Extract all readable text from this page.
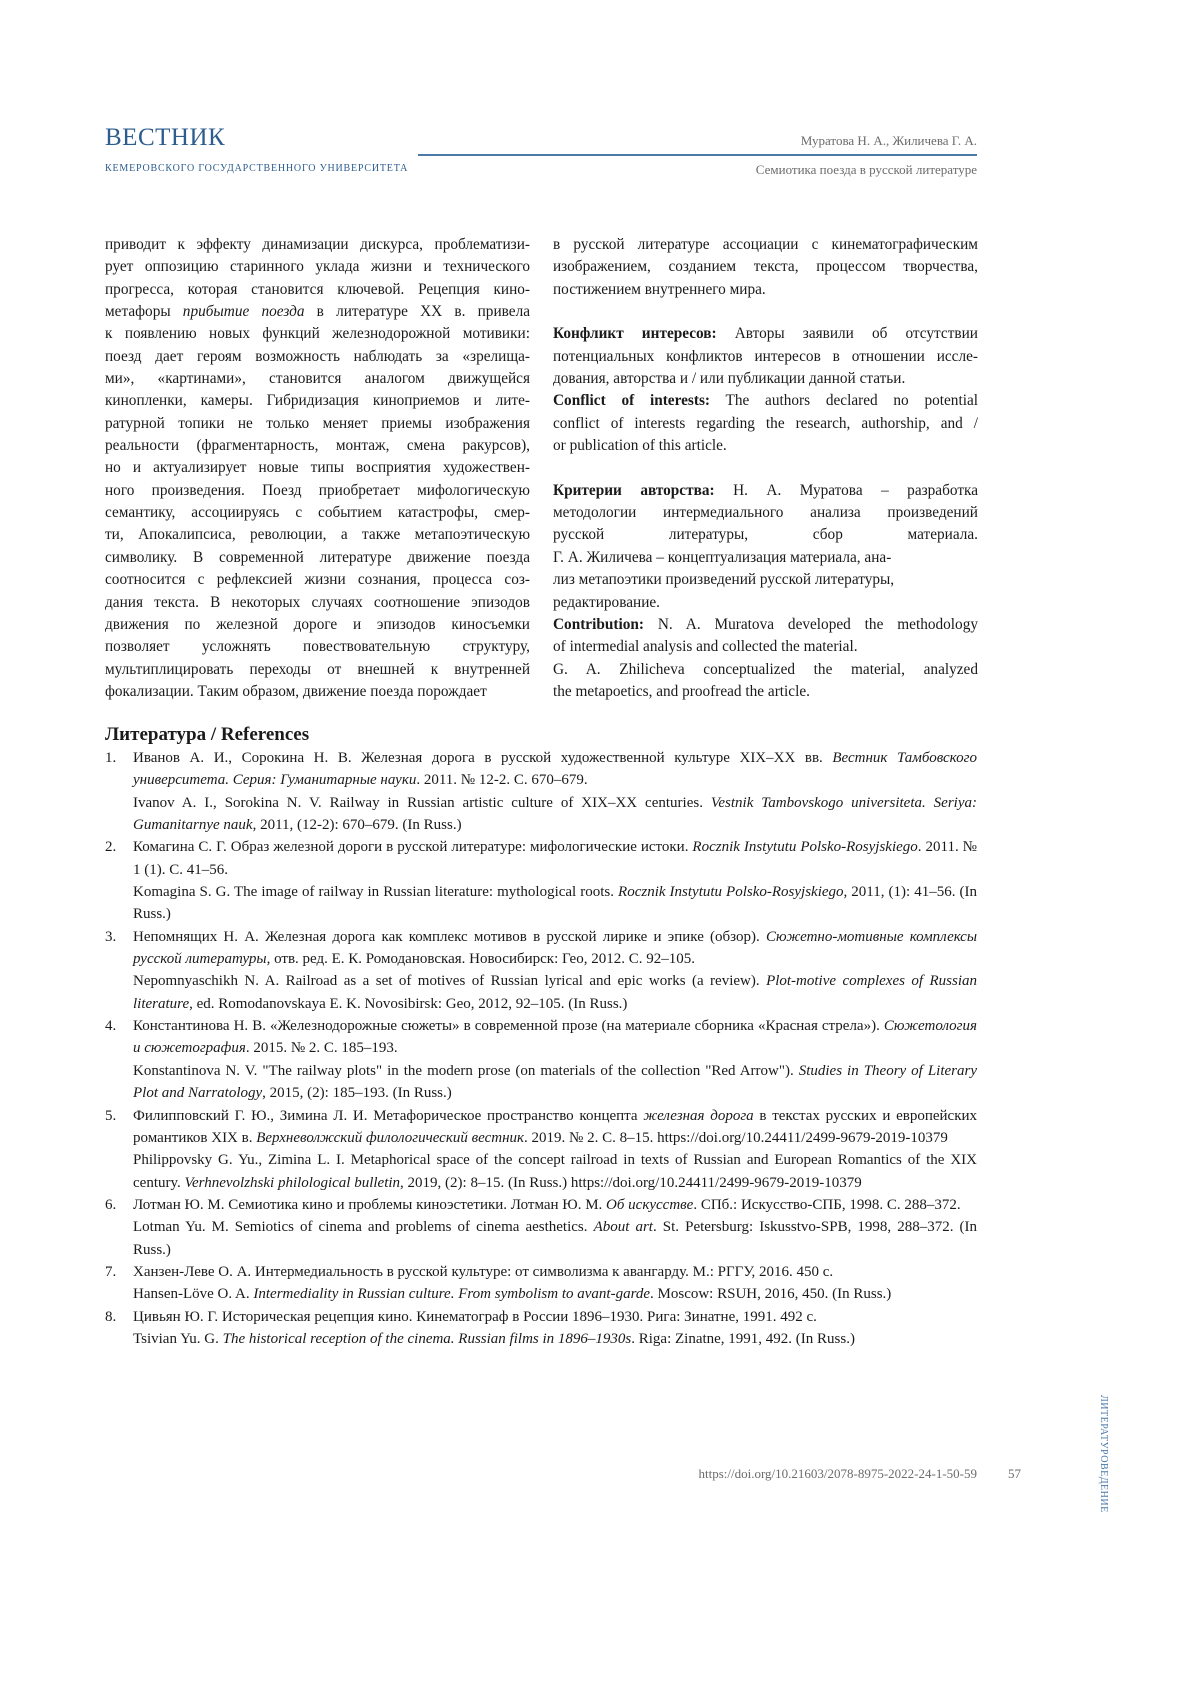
ВЕСТНИК
КЕМЕРОВСКОГО ГОСУДАРСТВЕННОГО УНИВЕРСИТЕТА
Муратова Н. А., Жиличева Г. А.
Семиотика поезда в русской литературе
приводит к эффекту динамизации дискурса, проблематизи-
рует оппозицию старинного уклада жизни и технического
прогресса, которая становится ключевой. Рецепция кино-
метафоры прибытие поезда в литературе XX в. привела
к появлению новых функций железнодорожной мотивики:
поезд дает героям возможность наблюдать за «зрелища-
ми», «картинами», становится аналогом движущейся
кинопленки, камеры. Гибридизация киноприемов и лите-
ратурной топики не только меняет приемы изображения
реальности (фрагментарность, монтаж, смена ракурсов),
но и актуализирует новые типы восприятия художествен-
ного произведения. Поезд приобретает мифологическую
семантику, ассоциируясь с событием катастрофы, смер-
ти, Апокалипсиса, революции, а также метапоэтическую
символику. В современной литературе движение поезда
соотносится с рефлексией жизни сознания, процесса соз-
дания текста. В некоторых случаях соотношение эпизодов
движения по железной дороге и эпизодов киносъемки
позволяет усложнять повествовательную структуру,
мультиплицировать переходы от внешней к внутренней
фокализации. Таким образом, движение поезда порождает
в русской литературе ассоциации с кинематографическим
изображением, созданием текста, процессом творчества,
постижением внутреннего мира.
Конфликт интересов: Авторы заявили об отсутствии
потенциальных конфликтов интересов в отношении иссле-
дования, авторства и / или публикации данной статьи.
Conflict of interests: The authors declared no potential
conflict of interests regarding the research, authorship, and /
or publication of this article.
Критерии авторства: Н. А. Муратова – разработка
методологии интермедиального анализа произведений
русской литературы, сбор материала.
Г. А. Жиличева – концептуализация материала, ана-
лиз метапоэтики произведений русской литературы,
редактирование.
Contribution: N. A. Muratova developed the methodology
of intermedial analysis and collected the material.
G. A. Zhilicheva conceptualized the material, analyzed
the metapoetics, and proofread the article.
Литература / References
1.	Иванов А. И., Сорокина Н. В. Железная дорога в русской художественной культуре XIX–XX вв. Вестник Тамбовского университета. Серия: Гуманитарные науки. 2011. № 12-2. С. 670–679.
Ivanov A. I., Sorokina N. V. Railway in Russian artistic culture of XIX–XX centuries. Vestnik Tambovskogo universiteta. Seriya: Gumanitarnye nauk, 2011, (12-2): 670–679. (In Russ.)
2.	Комагина С. Г. Образ железной дороги в русской литературе: мифологические истоки. Rocznik Instytutu Polsko-Rosyjskiego. 2011. № 1 (1). С. 41–56.
Komagina S. G. The image of railway in Russian literature: mythological roots. Rocznik Instytutu Polsko-Rosyjskiego, 2011, (1): 41–56. (In Russ.)
3.	Непомнящих Н. А. Железная дорога как комплекс мотивов в русской лирике и эпике (обзор). Сюжетно-мотивные комплексы русской литературы, отв. ред. Е. К. Ромодановская. Новосибирск: Гео, 2012. С. 92–105.
Nepomnyaschikh N. A. Railroad as a set of motives of Russian lyrical and epic works (a review). Plot-motive complexes of Russian literature, ed. Romodanovskaya E. K. Novosibirsk: Geo, 2012, 92–105. (In Russ.)
4.	Константинова Н. В. «Железнодорожные сюжеты» в современной прозе (на материале сборника «Красная стрела»). Сюжетология и сюжетография. 2015. № 2. С. 185–193.
Konstantinova N. V. "The railway plots" in the modern prose (on materials of the collection "Red Arrow"). Studies in Theory of Literary Plot and Narratology, 2015, (2): 185–193. (In Russ.)
5.	Филипповский Г. Ю., Зимина Л. И. Метафорическое пространство концепта железная дорога в текстах русских и европейских романтиков XIX в. Верхневолжский филологический вестник. 2019. № 2. С. 8–15. https://doi.org/10.24411/2499-9679-2019-10379
Philippovsky G. Yu., Zimina L. I. Metaphorical space of the concept railroad in texts of Russian and European Romantics of the XIX century. Verhnevolzhski philological bulletin, 2019, (2): 8–15. (In Russ.) https://doi.org/10.24411/2499-9679-2019-10379
6.	Лотман Ю. М. Семиотика кино и проблемы киноэстетики. Лотман Ю. М. Об искусстве. СПб.: Искусство-СПБ, 1998. С. 288–372.
Lotman Yu. M. Semiotics of cinema and problems of cinema aesthetics. About art. St. Petersburg: Iskusstvo-SPB, 1998, 288–372. (In Russ.)
7.	Ханзен-Леве О. А. Интермедиальность в русской культуре: от символизма к авангарду. М.: РГГУ, 2016. 450 с.
Hansen-Löve O. A. Intermediality in Russian culture. From symbolism to avant-garde. Moscow: RSUH, 2016, 450. (In Russ.)
8.	Цивьян Ю. Г. Историческая рецепция кино. Кинематограф в России 1896–1930. Рига: Зинатне, 1991. 492 с.
Tsivian Yu. G. The historical reception of the cinema. Russian films in 1896–1930s. Riga: Zinatne, 1991, 492. (In Russ.)
ЛИТЕРАТУРОВЕДЕНИЕ
https://doi.org/10.21603/2078-8975-2022-24-1-50-59 57
